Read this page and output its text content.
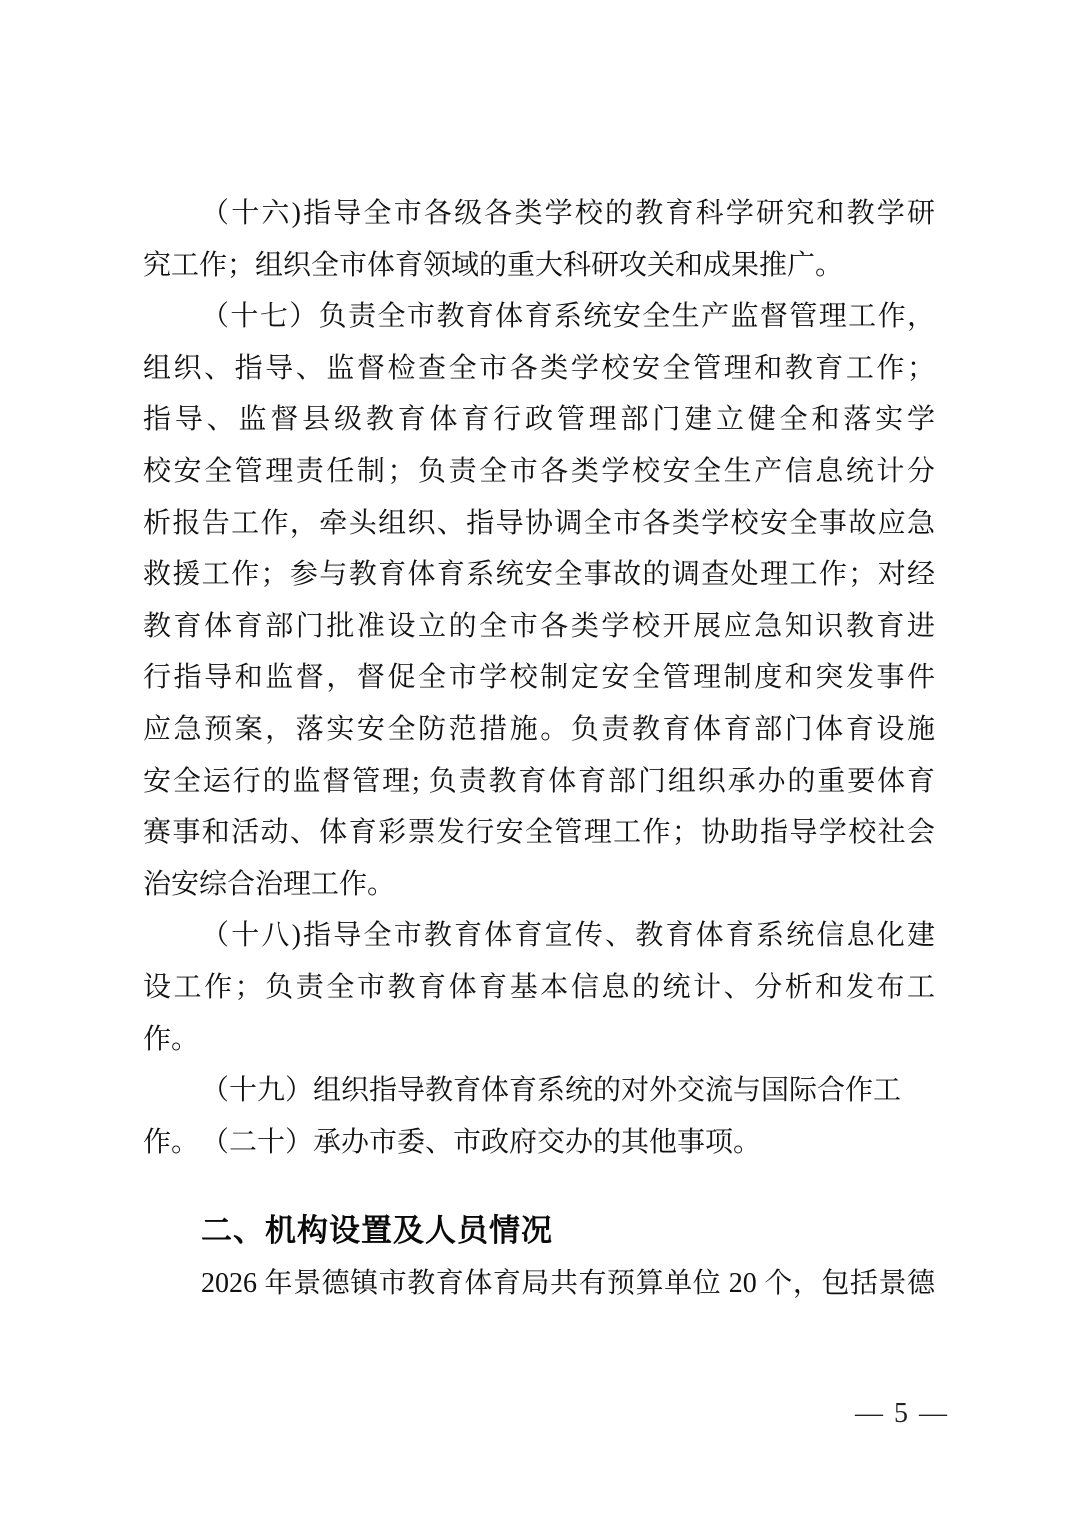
（十六)指导全市各级各类学校的教育科学研究和教学研
究工作；组织全市体育领域的重大科研攻关和成果推广。
（十七）负责全市教育体育系统安全生产监督管理工作，
组织、指导、监督检查全市各类学校安全管理和教育工作；
指导、监督县级教育体育行政管理部门建立健全和落实学
校安全管理责任制；负责全市各类学校安全生产信息统计分
析报告工作，牵头组织、指导协调全市各类学校安全事故应急
救援工作；参与教育体育系统安全事故的调查处理工作；对经
教育体育部门批准设立的全市各类学校开展应急知识教育进
行指导和监督，督促全市学校制定安全管理制度和突发事件
应急预案，落实安全防范措施。负责教育体育部门体育设施
安全运行的监督管理; 负责教育体育部门组织承办的重要体育
赛事和活动、体育彩票发行安全管理工作；协助指导学校社会
治安综合治理工作。
（十八)指导全市教育体育宣传、教育体育系统信息化建
设工作；负责全市教育体育基本信息的统计、分析和发布工
作。
（十九）组织指导教育体育系统的对外交流与国际合作工作。 （二十）承办市委、市政府交办的其他事项。
二、机构设置及人员情况
2026 年景德镇市教育体育局共有预算单位 20 个，包括景德
— 5 —
